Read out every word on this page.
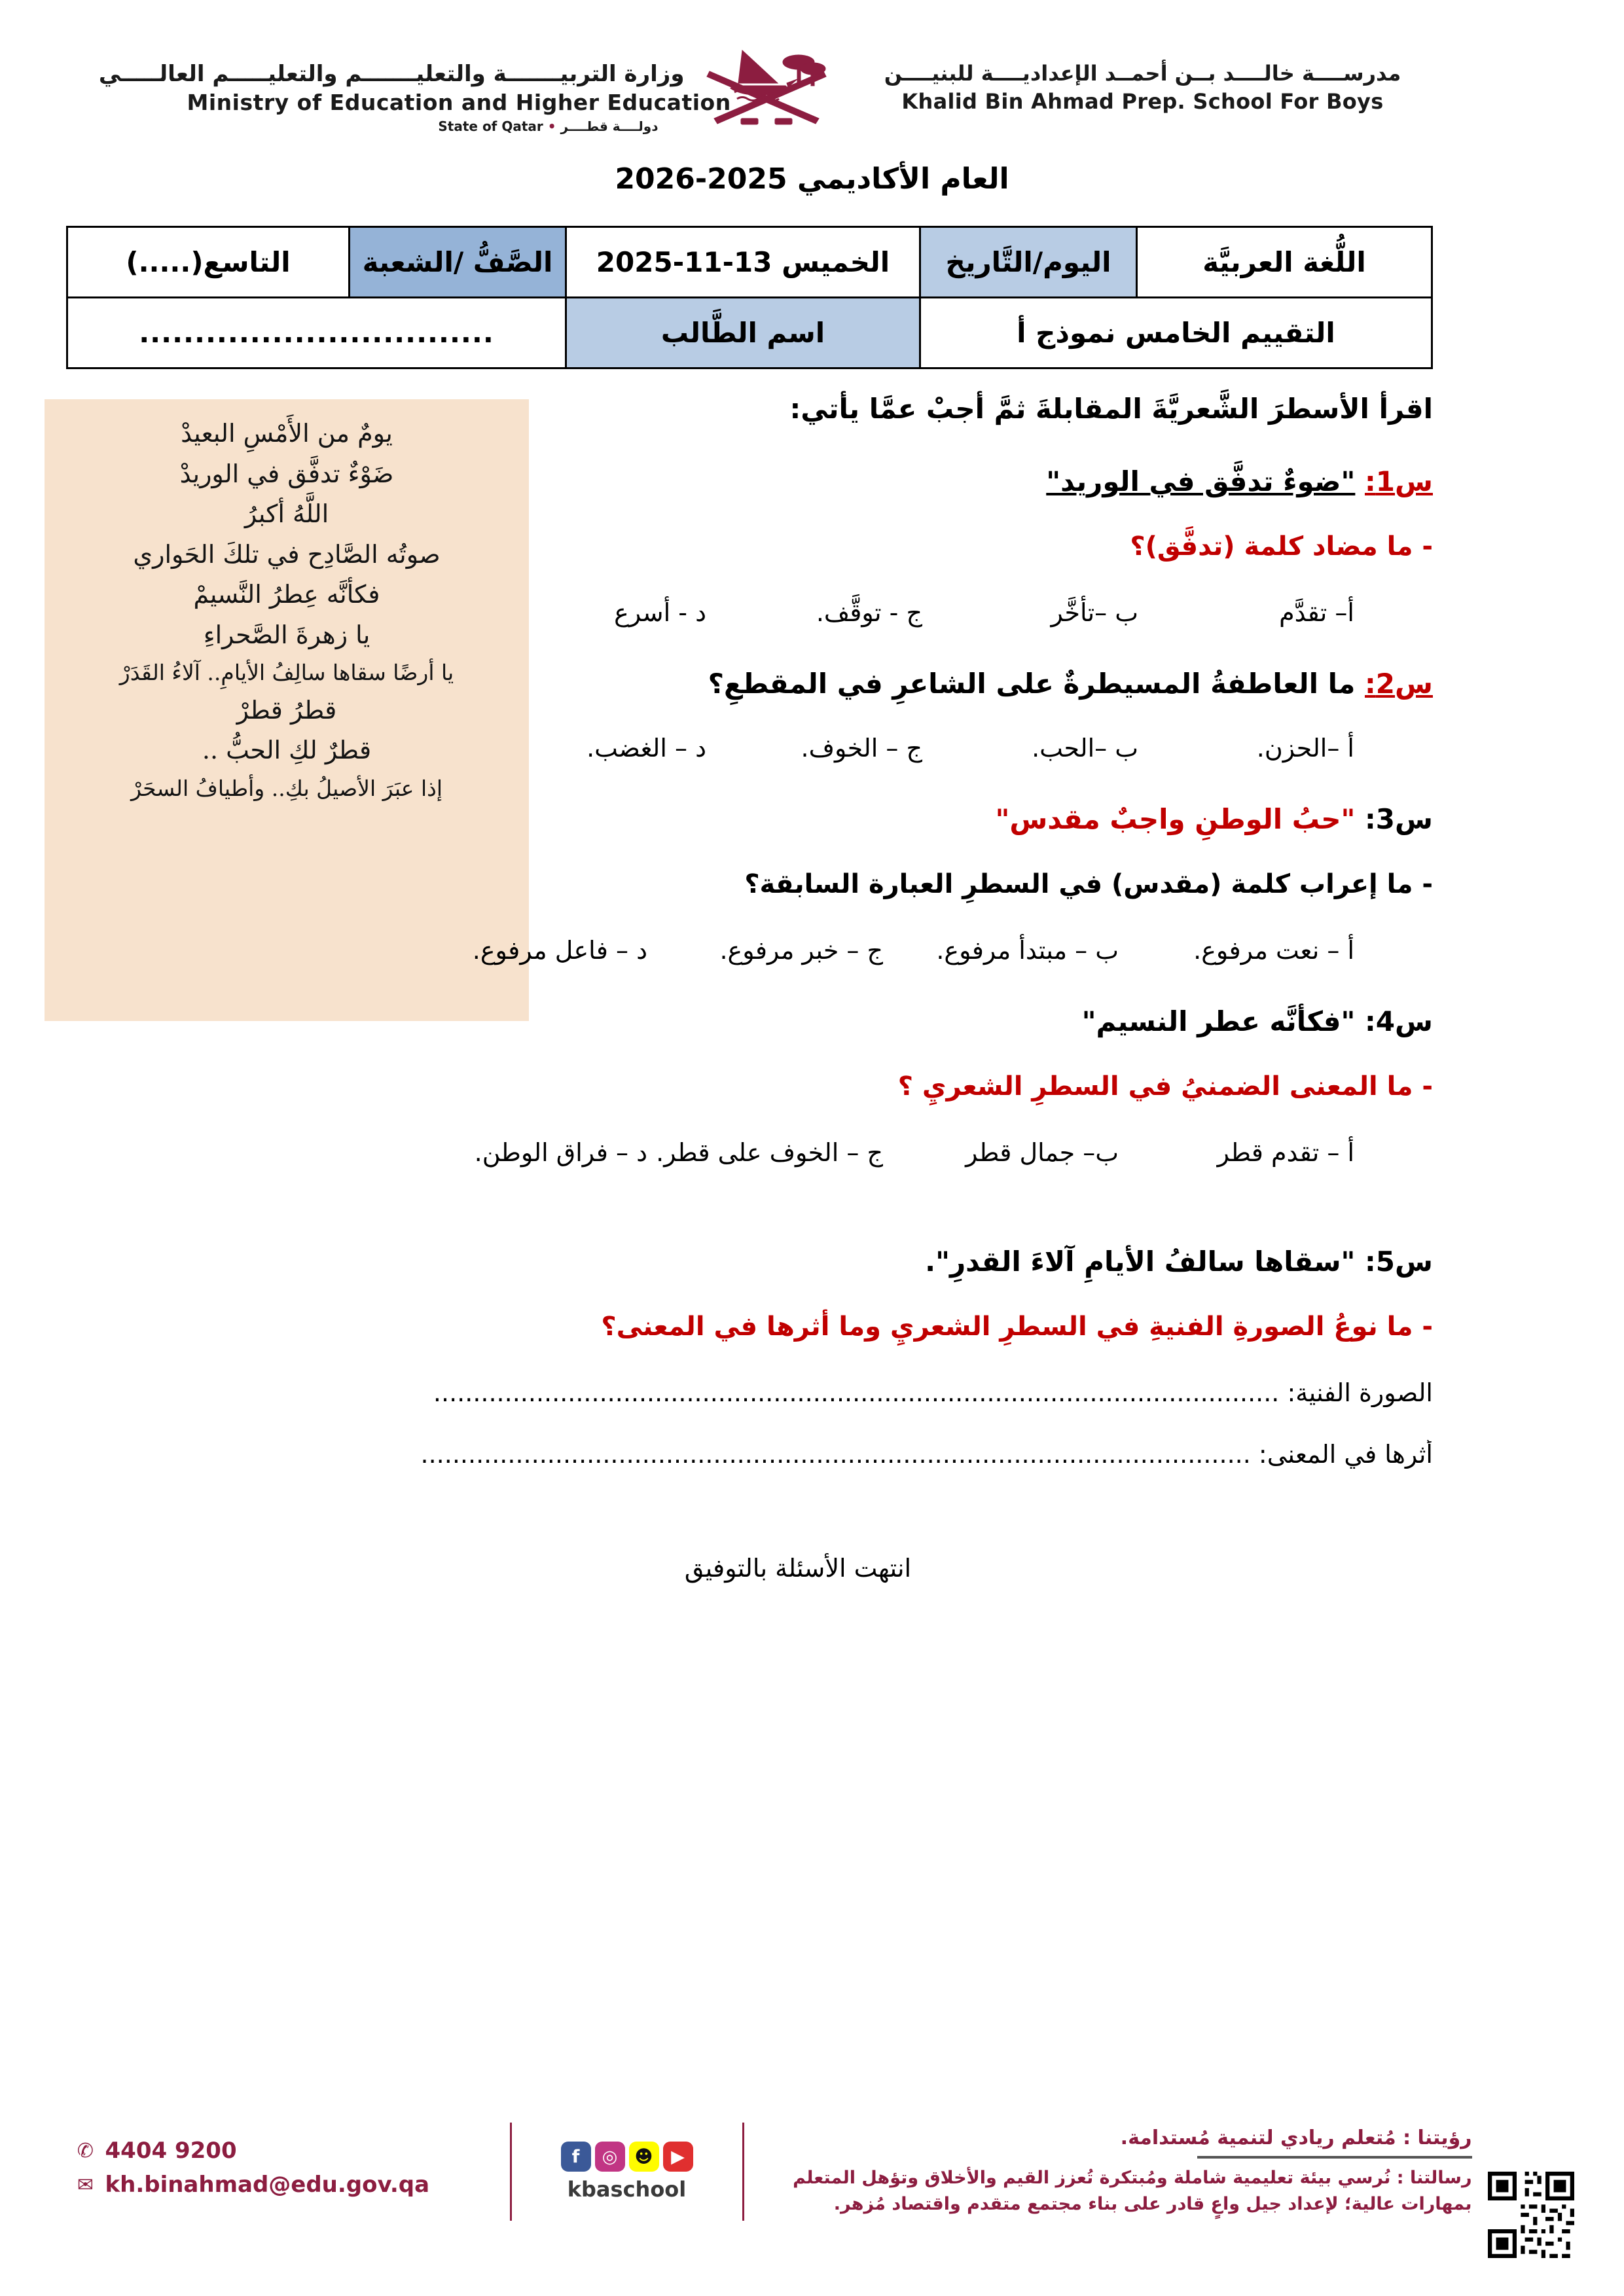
وزارة التربيـــــــة والتعليـــــــم والتعليـــــم العالـــــي
Ministry of Education and Higher Education
State of Qatar • دولــــة قطــــر
مدرســــة خالــــد بــن أحمــد الإعداديــــة للبنيــــن
Khalid Bin Ahmad Prep. School For Boys
العام الأكاديمي 2025-2026
اللُّغة العربيَّة	اليوم/التَّاريخ	الخميس 13-11-2025	الصَّفُّ /الشعبة	التاسع(.....)
التقييم الخامس نموذج أ		اسم الطَّالب	................................	
يومٌ من الأَمْسِ البعيدْ
ضَوْءٌ تدفَّق في الوريدْ
اللَّهُ أكبرُ
صوتُه الصَّادِح في تلكَ الحَواري
فكأنَّه عِطرُ النَّسيمْ
يا زهرةَ الصَّحراءِ
يا أرضًا سقاها سالِفُ الأيامِ.. آلاءُ القَدَرْ
قطرُ قطرْ
قطرٌ لكِ الحبُّ ..
إذا عبَرَ الأصيلُ بكِ.. وأطيافُ السحَرْ
اقرأ الأسطرَ الشَّعريَّةَ المقابلةَ ثمَّ أجبْ عمَّا يأتي:
س1: "ضوءٌ تدفَّق في الوريد"
- ما مضاد كلمة (تدفَّق)؟
أ– تقدَّم
ب –تأخَّر
ج - توقَّف.
د - أسرع
س2: ما العاطفةُ المسيطرةٌ على الشاعرِ في المقطعِ؟
أ –الحزن.
ب –الحب.
ج – الخوف.
د – الغضب.
س3: "حبُ الوطنِ واجبٌ مقدس"
- ما إعراب كلمة (مقدس) في السطرِ العبارة السابقة؟
أ – نعت مرفوع.
ب – مبتدأ مرفوع.
ج – خبر مرفوع.
د – فاعل مرفوع.
س4: "فكأنَّه عطر النسيم"
- ما المعنى الضمنيُ في السطرِ الشعريِ ؟
أ – تقدم قطر
ب– جمال قطر
ج – الخوف على قطر.
د – فراق الوطن.
س5: "سقاها سالفُ الأيامِ آلاءَ القدرِ".
- ما نوعُ الصورةِ الفنيةِ في السطرِ الشعريِ وما أثرها في المعنى؟
الصورة الفنية: ...........................................................................................................
أثرها في المعنى: .........................................................................................................
انتهت الأسئلة بالتوفيق
رؤيتنا : مُتعلم ريادي لتنمية مُستدامة.
رسالتنا : نُرسي بيئة تعليمية شاملة ومُبتكرة تُعزز القيم والأخلاق وتؤهل المتعلم
بمهارات عالية؛ لإعداد جيل واعٍ قادر على بناء مجتمع متقدم واقتصاد مُزهر.
f	◎ ☻	▶
kbaschool
✆ 4404 9200
✉ kh.binahmad@edu.gov.qa
